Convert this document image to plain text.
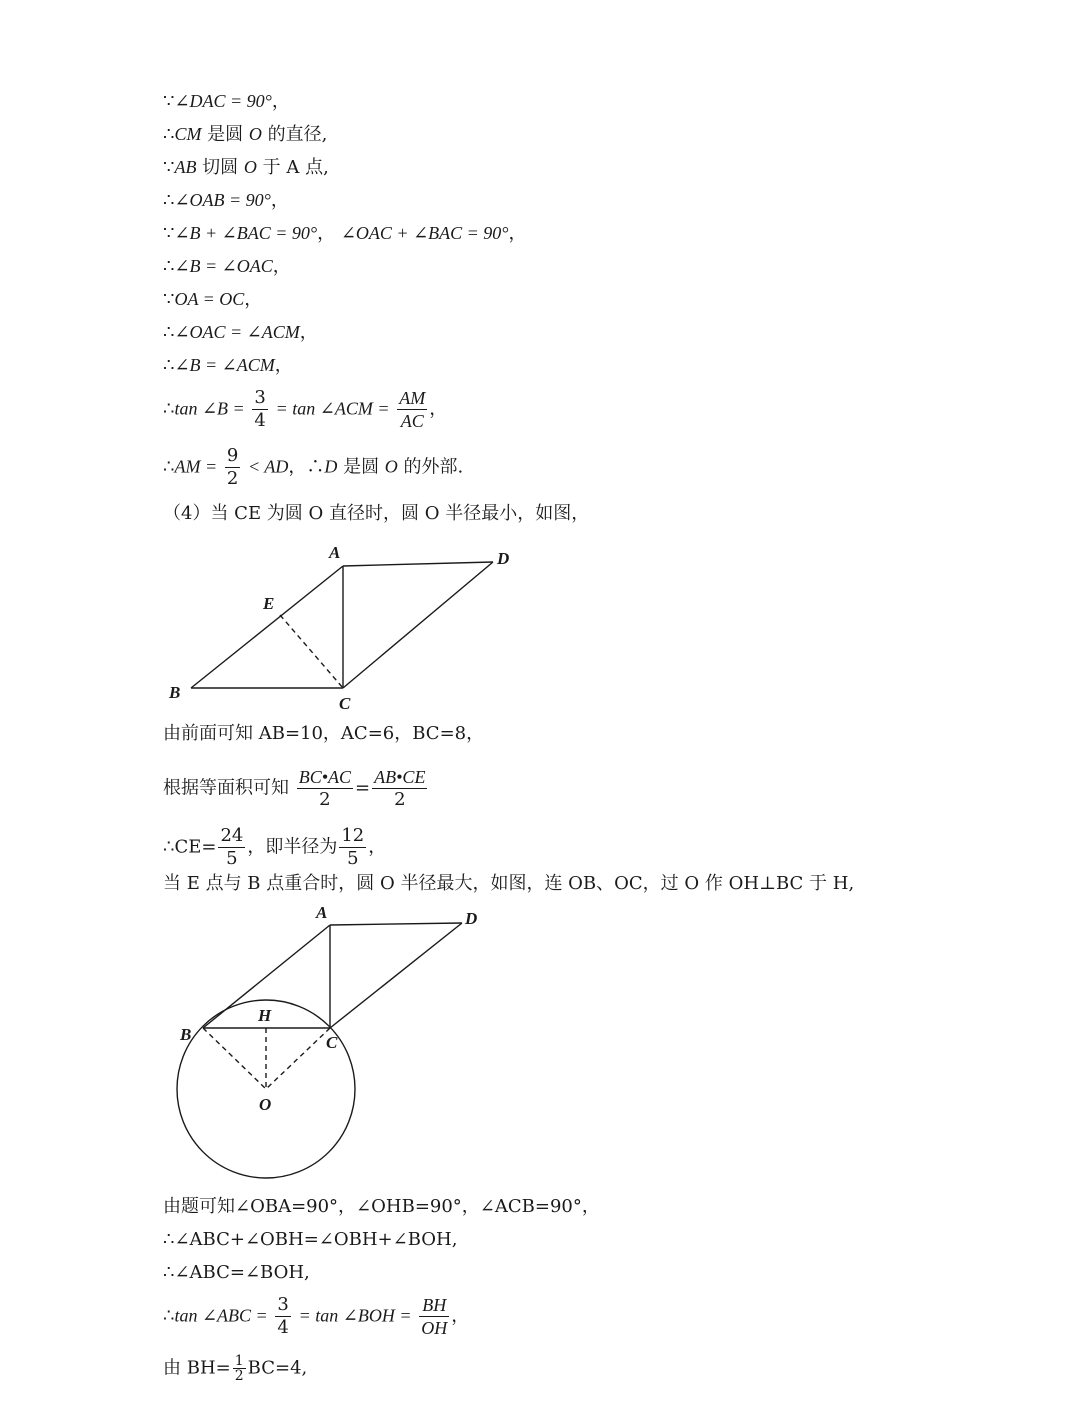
∵∠DAC = 90°，
∴CM 是圆 O 的直径,
∵AB 切圆 O 于 A 点,
∴∠OAB = 90°，
∵∠B + ∠BAC = 90°， ∠OAC + ∠BAC = 90°，
∴∠B = ∠OAC，
∵OA = OC，
∴∠OAC = ∠ACM，
∴∠B = ∠ACM，
∴tan ∠B = $\frac{3}{4} = \tan$ ∠ACM = $\frac{AM}{AC}$ ，
∴AM = $\frac{9}{2}$ < AD，∴D 是圆 O 的外部.
（4）当 CE 为圆 O 直径时，圆 O 半径最小，如图，
A	D
E
B
C
由前面可知 AB=10，AC=6，BC=8，
根据等面积可知 $\frac{BC•AC}{2} = \frac{AB•CE}{2}$
∴CE= $\frac{24}{5}$ ，即半径为 $\frac{12}{5}$ ，
当 E 点与 B 点重合时，圆 O 半径最大，如图，连 OB、OC，过 O 作 OH⊥BC 于 H,
A	D
B
H
C
O
由题可知∠OBA=90°，∠OHB=90°，∠ACB=90°，
∴∠ABC+∠OBH=∠OBH+∠BOH,
∴∠ABC=∠BOH,
∴tan ∠ABC = $\frac{3}{4} = \tan$ ∠BOH = $\frac{BH}{OH}$ ，
由 $BH= \frac{1}{2} BC=4$,
